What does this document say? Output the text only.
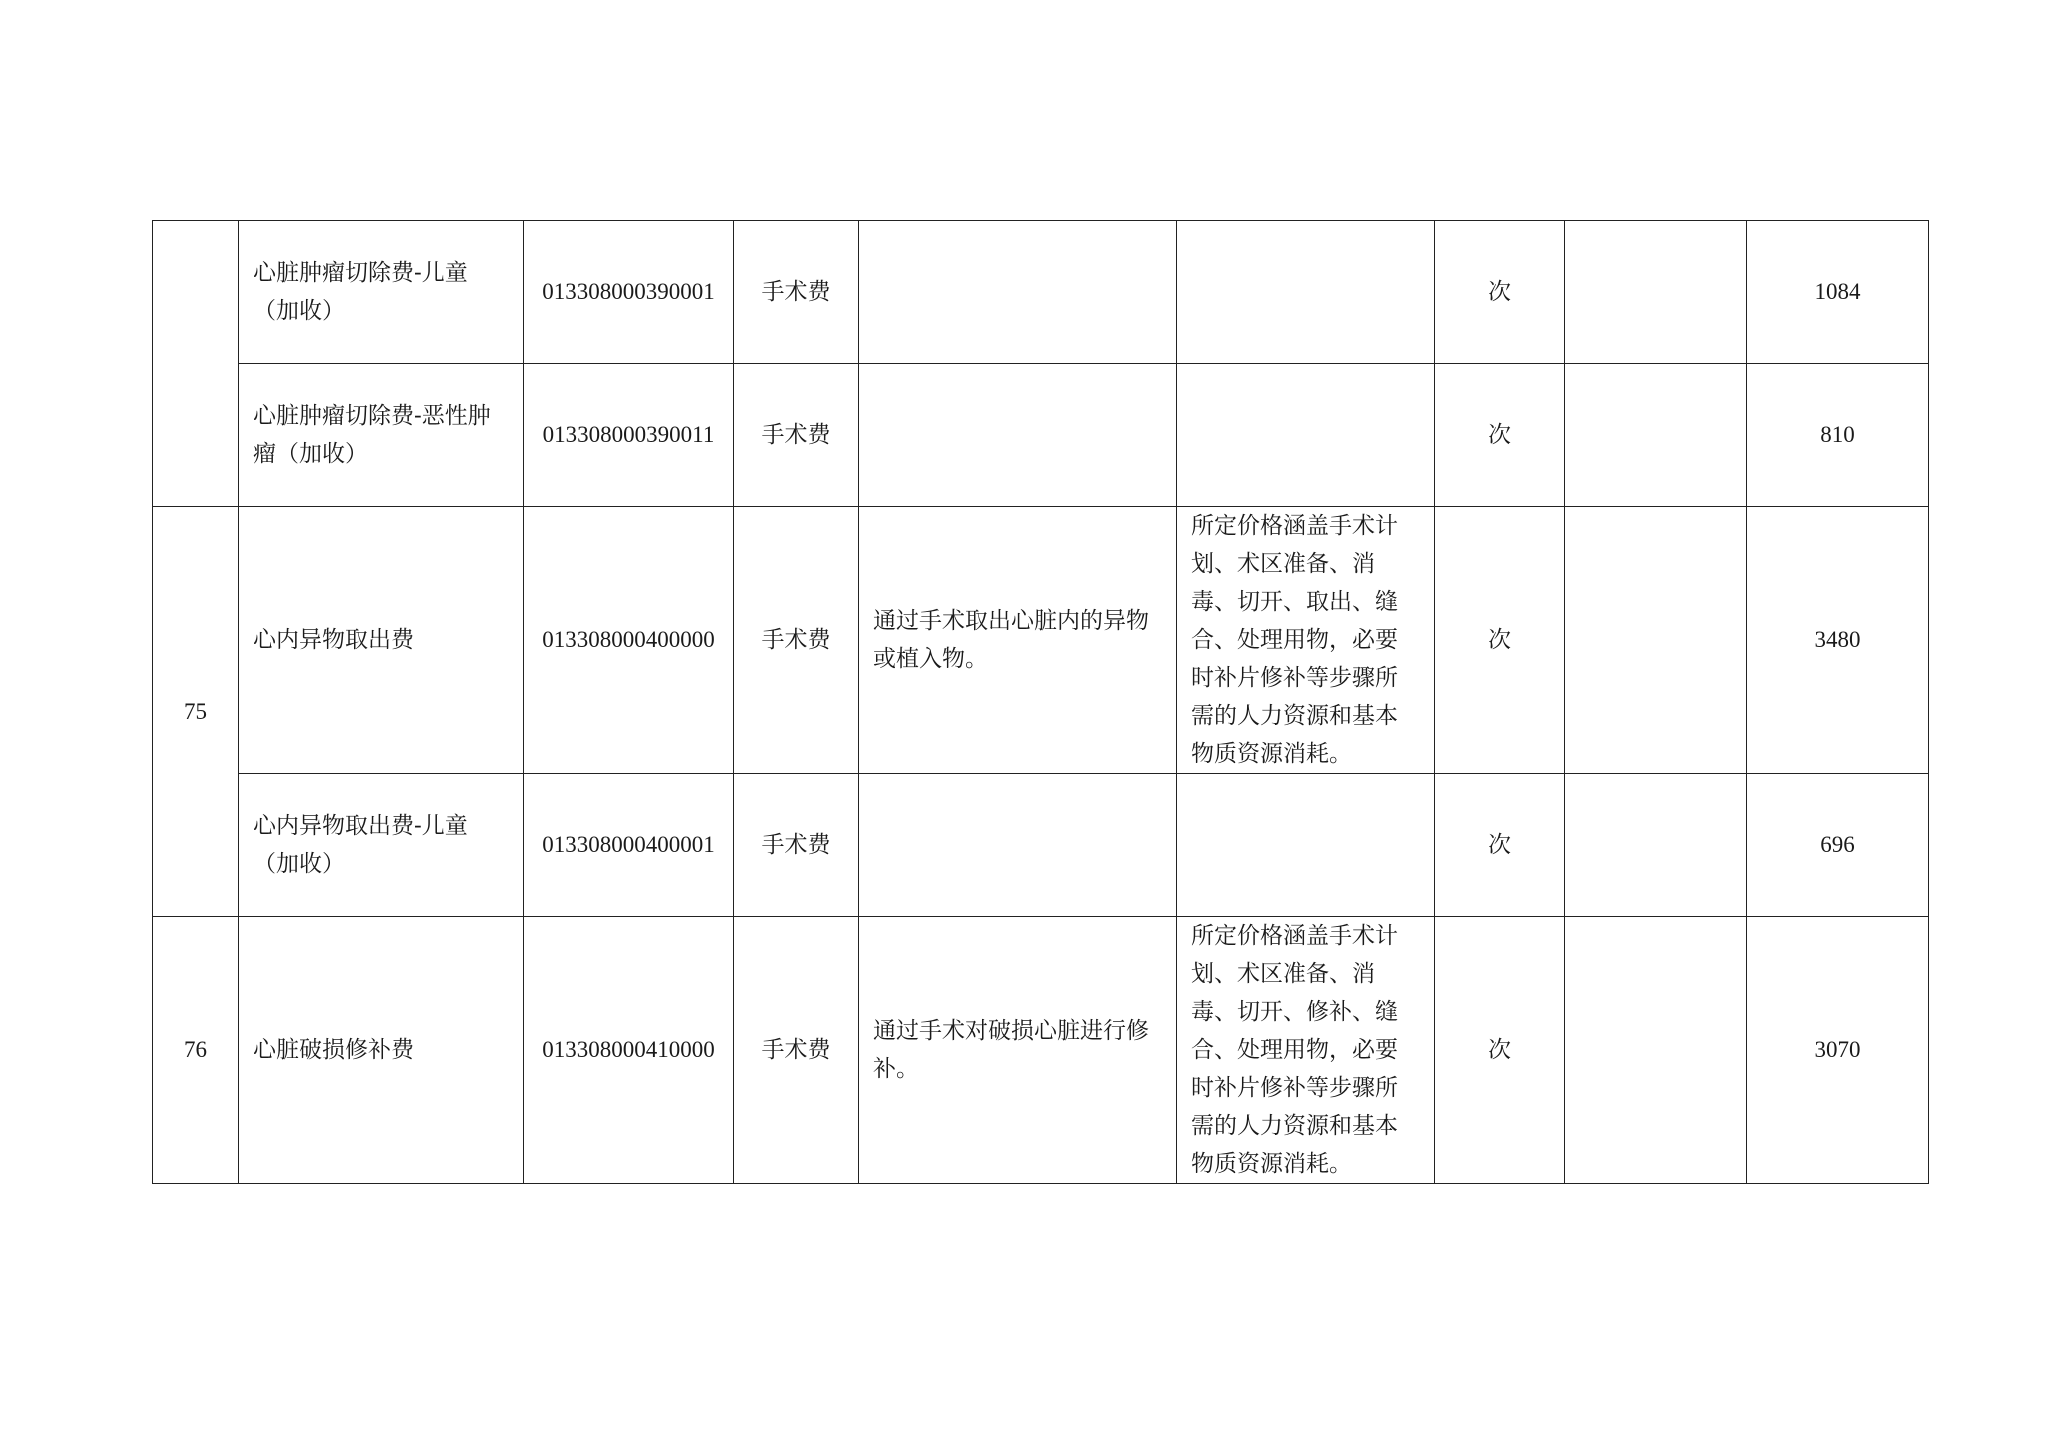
	心脏肿瘤切除费-儿童（加收）	013308000390001	手术费			次		1084
	心脏肿瘤切除费-恶性肿瘤（加收）	013308000390011	手术费			次		810
75	心内异物取出费	013308000400000	手术费	通过手术取出心脏内的异物或植入物。	所定价格涵盖手术计划、术区准备、消毒、切开、取出、缝合、处理用物，必要时补片修补等步骤所需的人力资源和基本物质资源消耗。	次		3480
	心内异物取出费-儿童（加收）	013308000400001	手术费			次		696
76	心脏破损修补费	013308000410000	手术费	通过手术对破损心脏进行修补。	所定价格涵盖手术计划、术区准备、消毒、切开、修补、缝合、处理用物，必要时补片修补等步骤所需的人力资源和基本物质资源消耗。	次		3070
